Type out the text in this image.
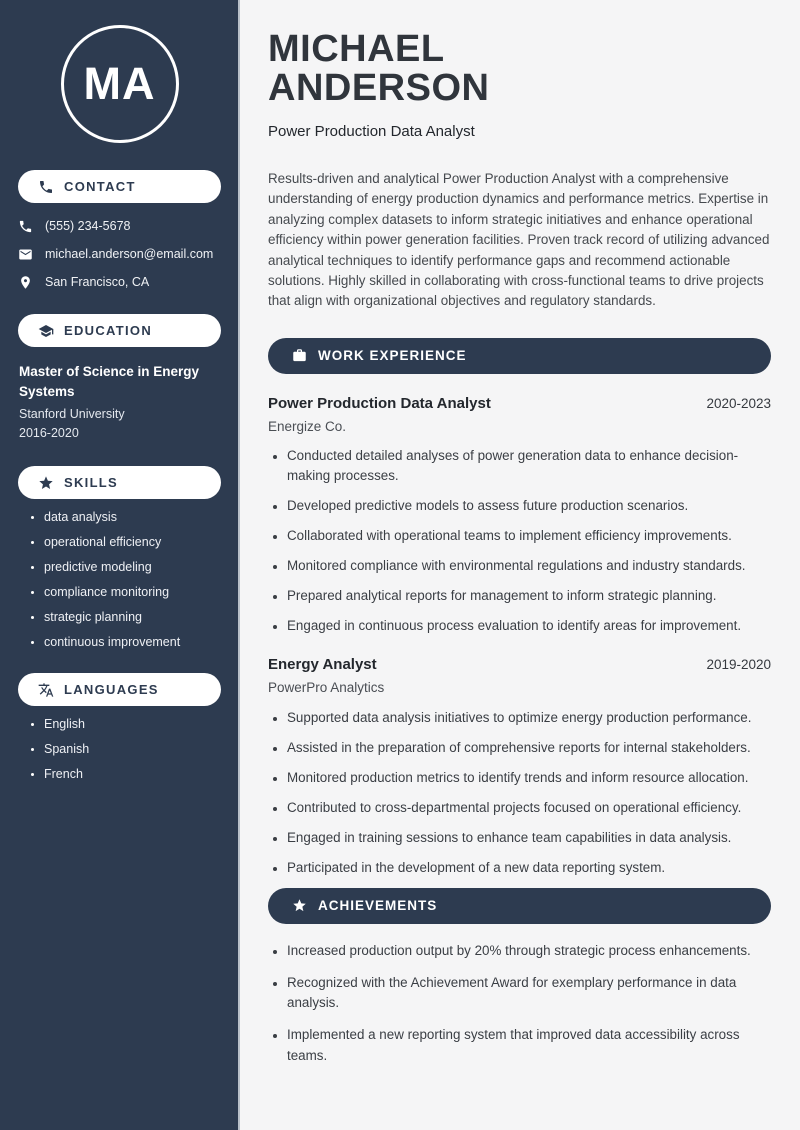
MA
CONTACT
(555) 234-5678
michael.anderson@email.com
San Francisco, CA
EDUCATION
Master of Science in Energy Systems
Stanford University
2016-2020
SKILLS
• data analysis
• operational efficiency
• predictive modeling
• compliance monitoring
• strategic planning
• continuous improvement
LANGUAGES
• English
• Spanish
• French
MICHAEL
ANDERSON
Power Production Data Analyst

Results-driven and analytical Power Production Analyst with a comprehensive understanding of energy production dynamics and performance metrics. Expertise in analyzing complex datasets to inform strategic initiatives and enhance operational efficiency within power generation facilities. Proven track record of utilizing advanced analytical techniques to identify performance gaps and recommend actionable solutions. Highly skilled in collaborating with cross-functional teams to drive projects that align with organizational objectives and regulatory standards.

WORK EXPERIENCE
Power Production Data Analyst	2020-2023
Energize Co.
• Conducted detailed analyses of power generation data to enhance decision-making processes.
• Developed predictive models to assess future production scenarios.
• Collaborated with operational teams to implement efficiency improvements.
• Monitored compliance with environmental regulations and industry standards.
• Prepared analytical reports for management to inform strategic planning.
• Engaged in continuous process evaluation to identify areas for improvement.
Energy Analyst	2019-2020
PowerPro Analytics
• Supported data analysis initiatives to optimize energy production performance.
• Assisted in the preparation of comprehensive reports for internal stakeholders.
• Monitored production metrics to identify trends and inform resource allocation.
• Contributed to cross-departmental projects focused on operational efficiency.
• Engaged in training sessions to enhance team capabilities in data analysis.
• Participated in the development of a new data reporting system.
ACHIEVEMENTS
• Increased production output by 20% through strategic process enhancements.
• Recognized with the Achievement Award for exemplary performance in data analysis.
• Implemented a new reporting system that improved data accessibility across teams.
